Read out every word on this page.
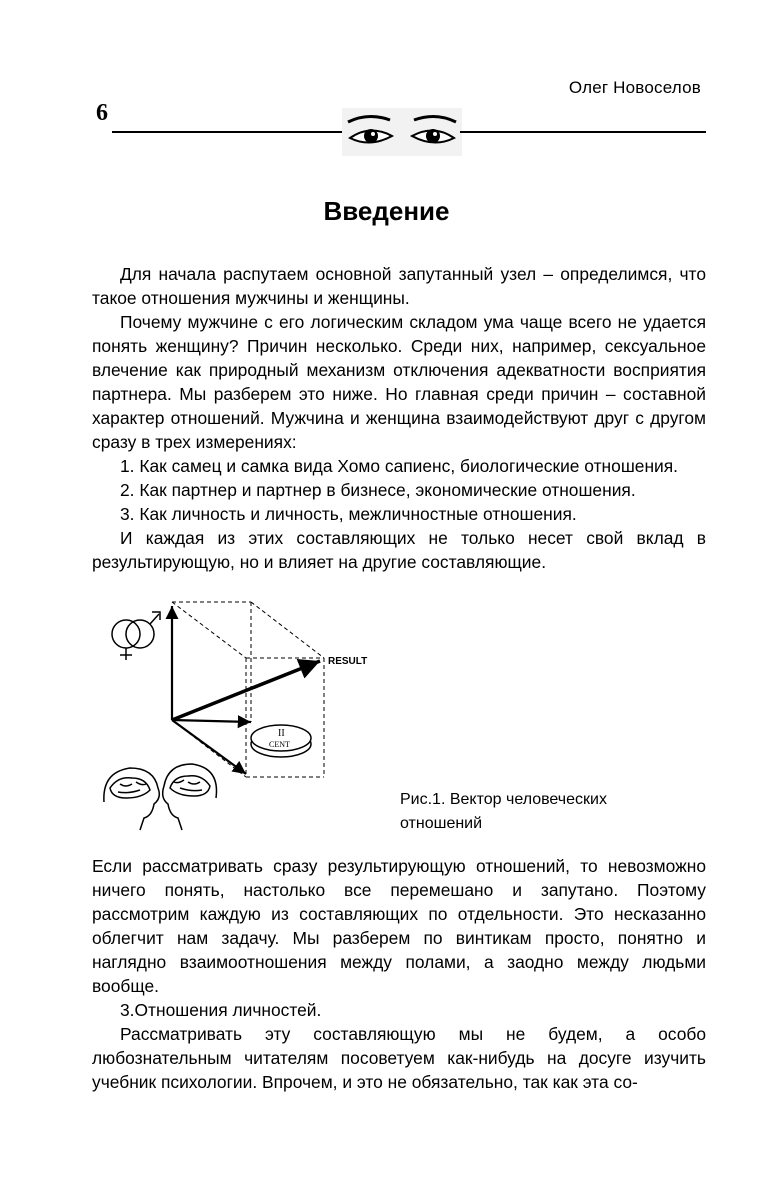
Олег Новоселов
6
Введение

Для начала распутаем основной запутанный узел – определимся, что такое отношения мужчины и женщины.

Почему мужчине с его логическим складом ума чаще всего не удается понять женщину? Причин несколько. Среди них, например, сексуальное влечение как природный механизм отключения адекватности восприятия партнера. Мы разберем это ниже. Но главная среди причин – составной характер отношений. Мужчина и женщина взаимодействуют друг с другом сразу в трех измерениях:

1. Как самец и самка вида Хомо сапиенс, биологические отношения.

2. Как партнер и партнер в бизнесе, экономические отношения.

3. Как личность и личность, межличностные отношения.

И каждая из этих составляющих не только несет свой вклад в результирующую, но и влияет на другие составляющие.

RESULT
II
CENT
Рис.1. Вектор человеческих отношений

Если рассматривать сразу результирующую отношений, то невозможно ничего понять, настолько все перемешано и запутано. Поэтому рассмотрим каждую из составляющих по отдельности. Это несказанно облегчит нам задачу. Мы разберем по винтикам просто, понятно и наглядно взаимоотношения между полами, а заодно между людьми вообще.

3.Отношения личностей.

Рассматривать эту составляющую мы не будем, а особо любознательным читателям посоветуем как-нибудь на досуге изучить учебник психологии. Впрочем, и это не обязательно, так как эта со-
